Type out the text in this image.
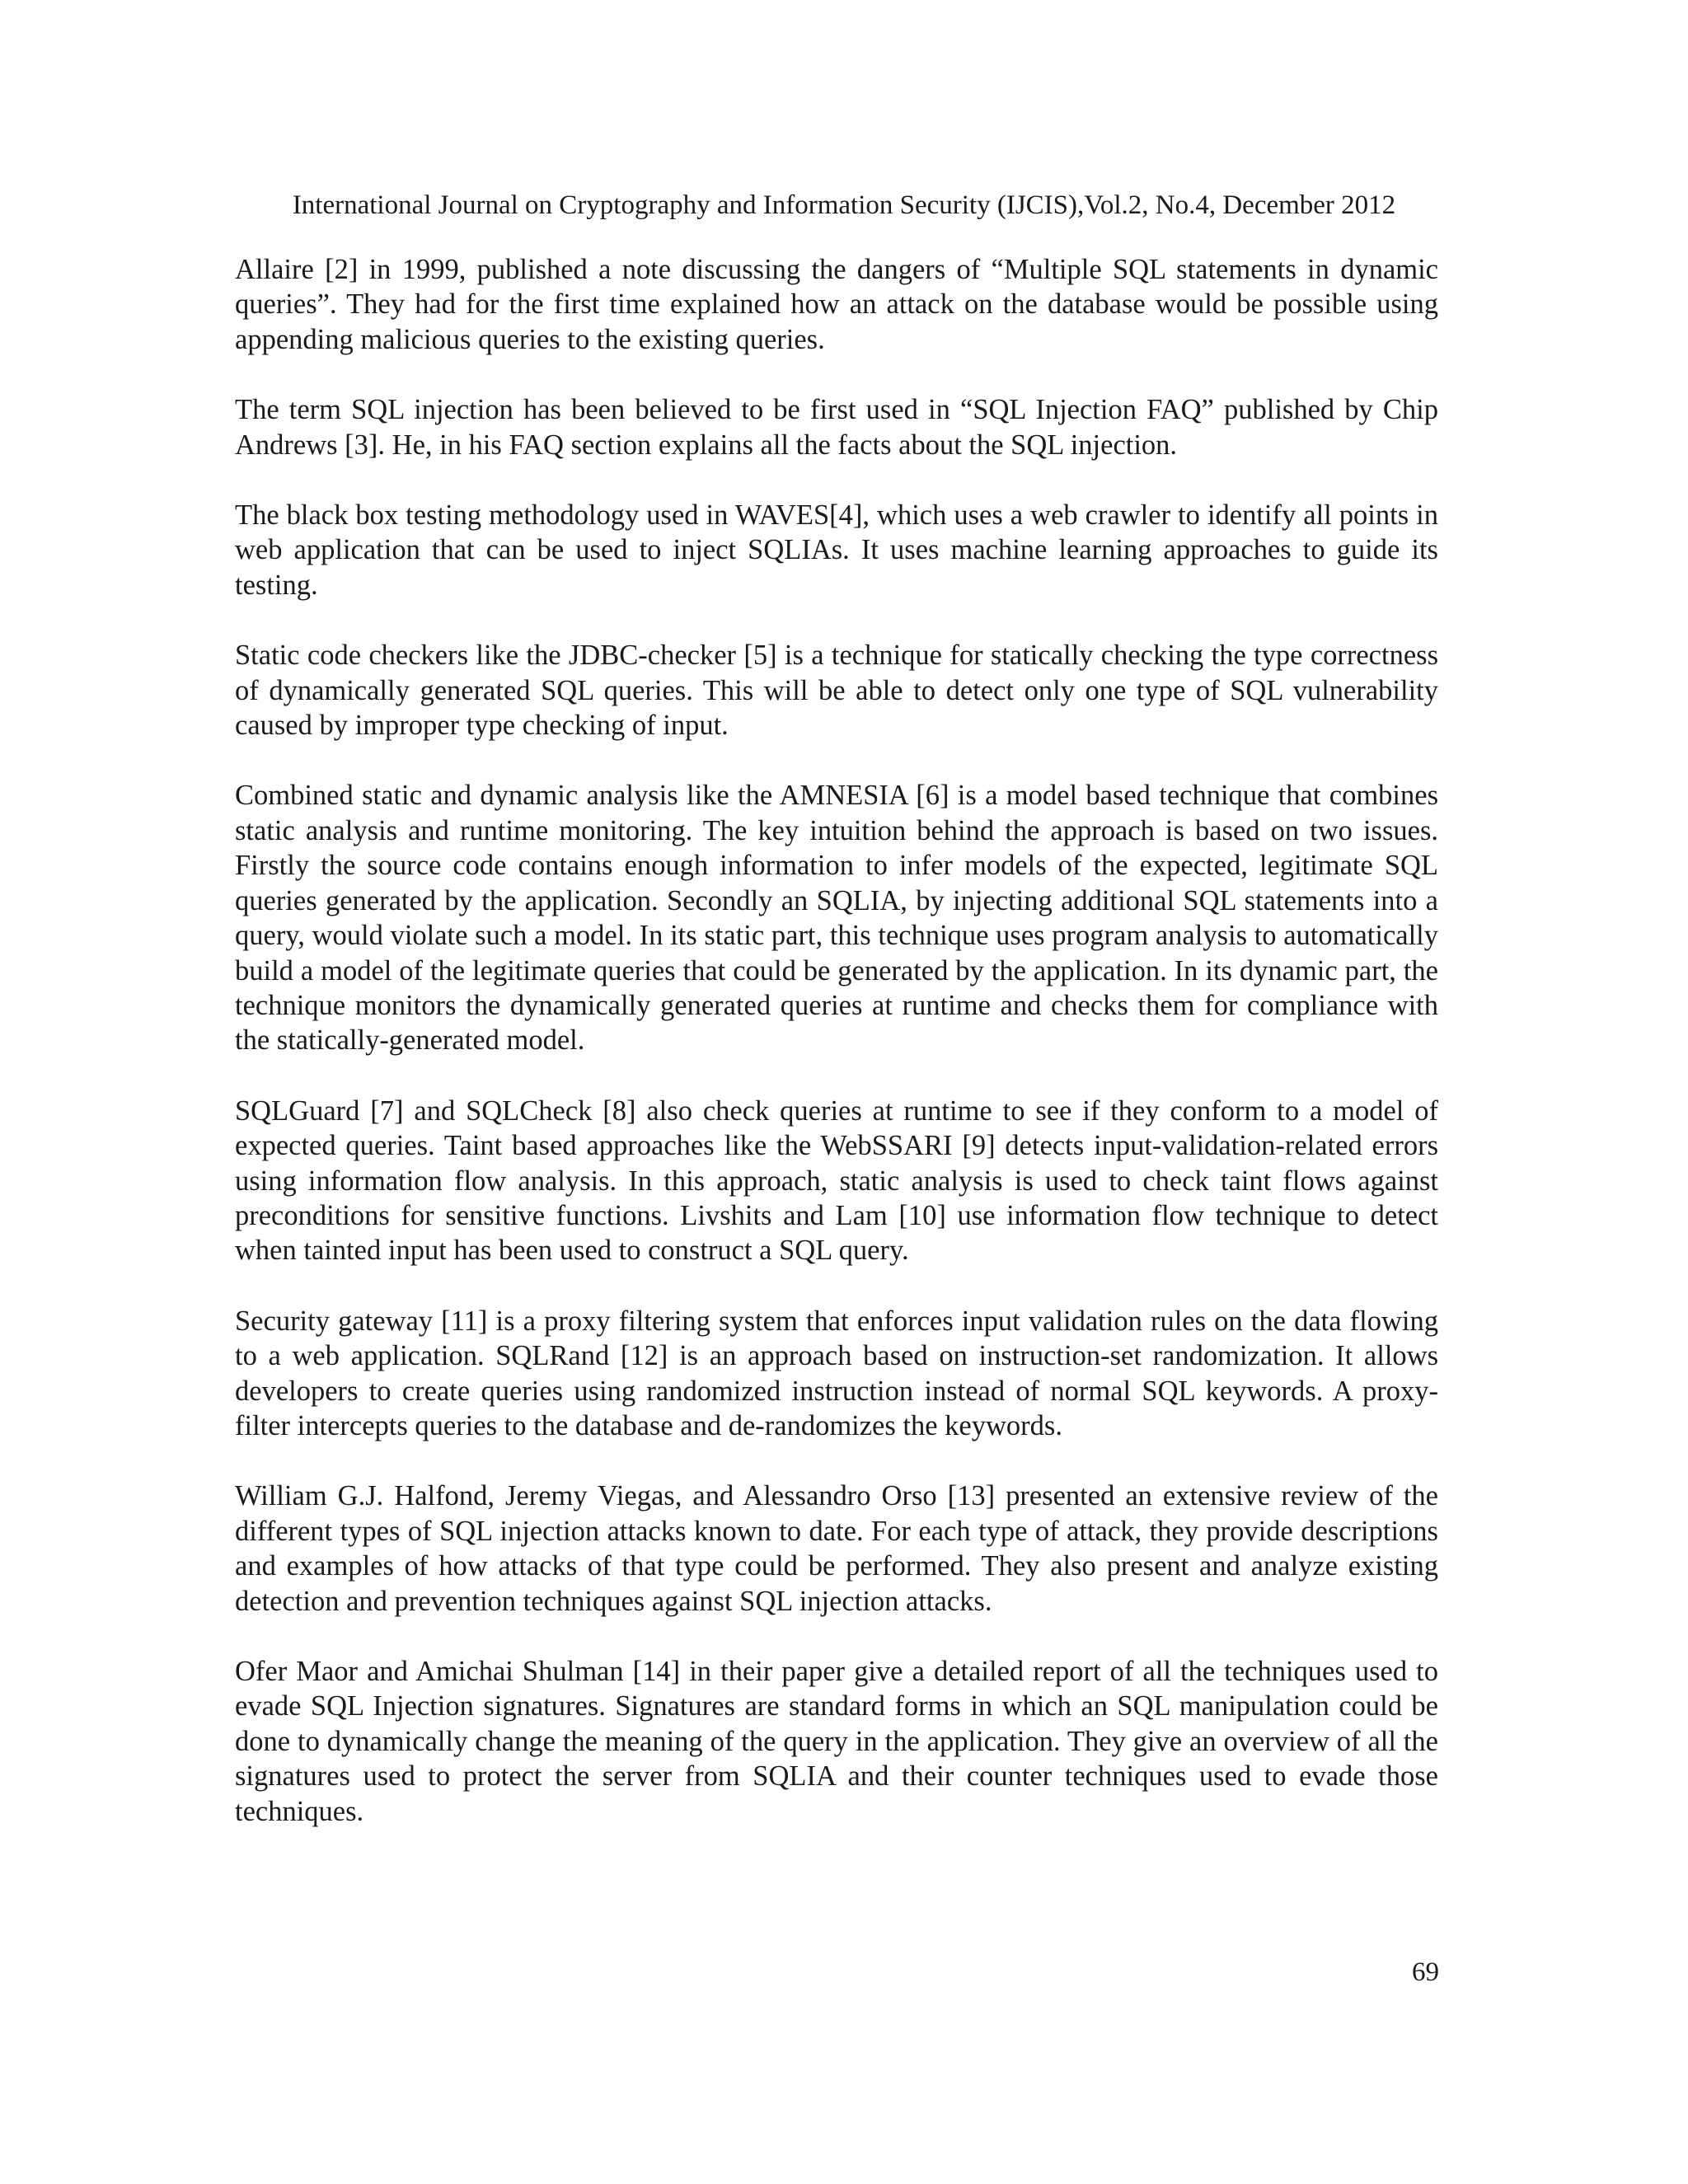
International Journal on Cryptography and Information Security (IJCIS),Vol.2, No.4, December 2012

Allaire [2] in 1999, published a note discussing the dangers of “Multiple SQL statements in dynamic queries”. They had for the first time explained how an attack on the database would be possible using appending malicious queries to the existing queries.

The term SQL injection has been believed to be first used in “SQL Injection FAQ” published by Chip Andrews [3]. He, in his FAQ section explains all the facts about the SQL injection.

The black box testing methodology used in WAVES[4], which uses a web crawler to identify all points in web application that can be used to inject SQLIAs. It uses machine learning approaches to guide its testing.

Static code checkers like the JDBC-checker [5] is a technique for statically checking the type correctness of dynamically generated SQL queries. This will be able to detect only one type of SQL vulnerability caused by improper type checking of input.

Combined static and dynamic analysis like the AMNESIA [6] is a model based technique that combines static analysis and runtime monitoring. The key intuition behind the approach is based on two issues. Firstly the source code contains enough information to infer models of the expected, legitimate SQL queries generated by the application. Secondly an SQLIA, by injecting additional SQL statements into a query, would violate such a model. In its static part, this technique uses program analysis to automatically build a model of the legitimate queries that could be generated by the application. In its dynamic part, the technique monitors the dynamically generated queries at runtime and checks them for compliance with the statically-generated model.

SQLGuard [7] and SQLCheck [8] also check queries at runtime to see if they conform to a model of expected queries. Taint based approaches like the WebSSARI [9] detects input-validation-related errors using information flow analysis. In this approach, static analysis is used to check taint flows against preconditions for sensitive functions. Livshits and Lam [10] use information flow technique to detect when tainted input has been used to construct a SQL query.

Security gateway [11] is a proxy filtering system that enforces input validation rules on the data flowing to a web application. SQLRand [12] is an approach based on instruction-set randomization. It allows developers to create queries using randomized instruction instead of normal SQL keywords. A proxy-filter intercepts queries to the database and de-randomizes the keywords.

William G.J. Halfond, Jeremy Viegas, and Alessandro Orso [13] presented an extensive review of the different types of SQL injection attacks known to date. For each type of attack, they provide descriptions and examples of how attacks of that type could be performed. They also present and analyze existing detection and prevention techniques against SQL injection attacks.

Ofer Maor and Amichai Shulman [14] in their paper give a detailed report of all the techniques used to evade SQL Injection signatures. Signatures are standard forms in which an SQL manipulation could be done to dynamically change the meaning of the query in the application. They give an overview of all the signatures used to protect the server from SQLIA and their counter techniques used to evade those techniques.

69
